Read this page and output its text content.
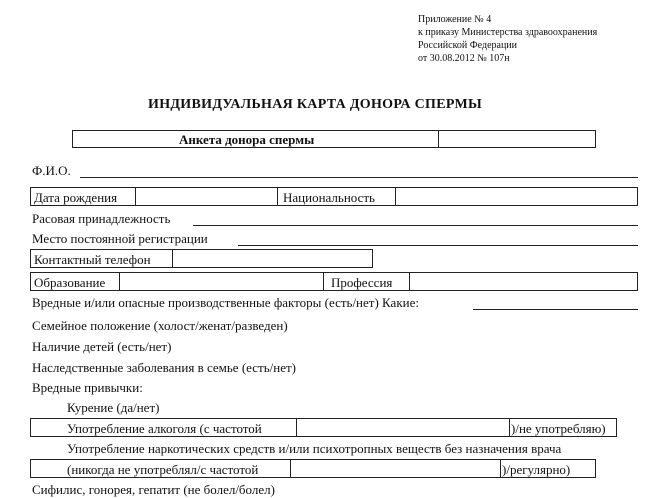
Приложение № 4
к приказу Министерства здравоохранения
Российской Федерации
от 30.08.2012 № 107н
ИНДИВИДУАЛЬНАЯ КАРТА ДОНОРА СПЕРМЫ
Анкета донора спермы
Ф.И.О.
Дата рождения	Национальность
Расовая принадлежность
Место постоянной регистрации
Контактный телефон
Образование	Профессия
Вредные и/или опасные производственные факторы (есть/нет) Какие:
Семейное положение (холост/женат/разведен)
Наличие детей (есть/нет)
Наследственные заболевания в семье (есть/нет)
Вредные привычки:
Курение (да/нет)
Употребление алкоголя (с частотой	)/не употребляю)
Употребление наркотических средств и/или психотропных веществ без назначения врача
(никогда не употреблял/с частотой	)/регулярно)
Сифилис, гонорея, гепатит (не болел/болел)
